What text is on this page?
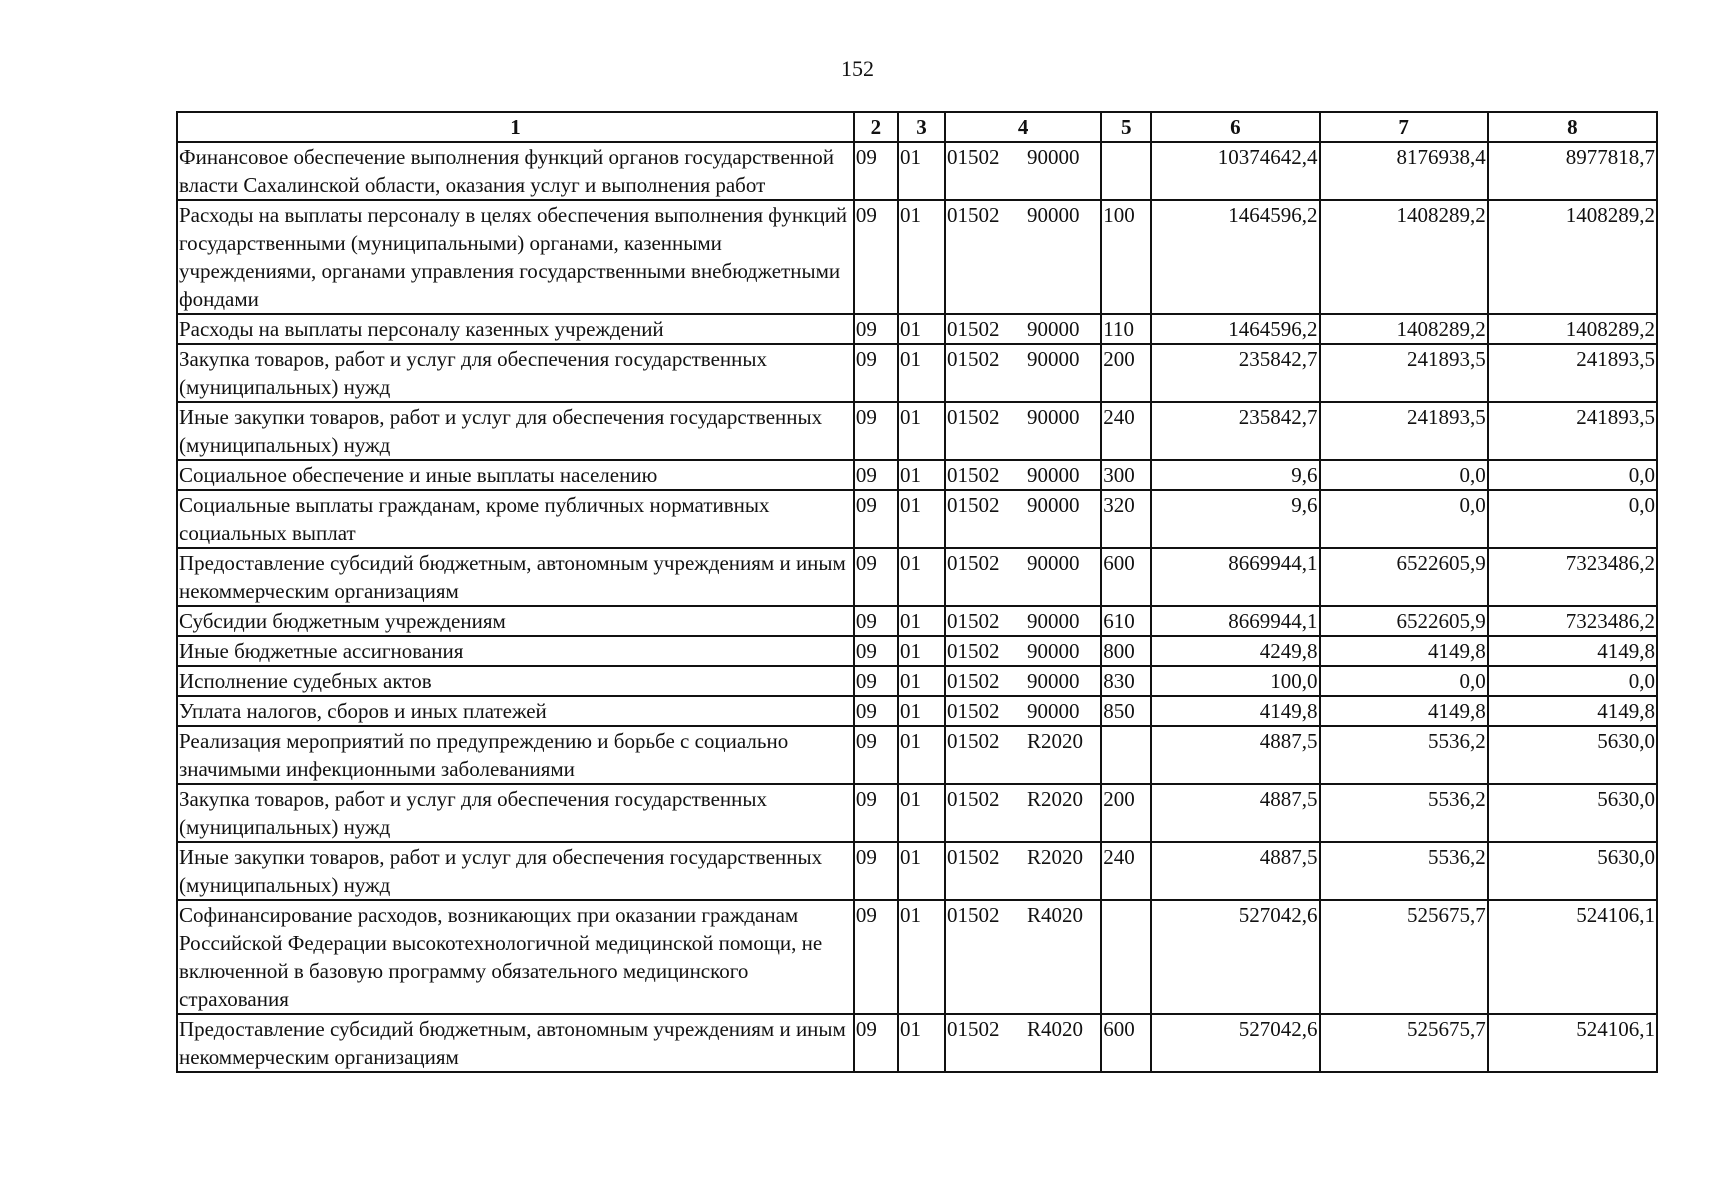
152
1	2	3	4	5	6	7	8
Финансовое обеспечение выполнения функций органов государственной власти Сахалинской области, оказания услуг и выполнения работ	09	01	01502 90000		10374642,4	8176938,4	8977818,7
Расходы на выплаты персоналу в целях обеспечения выполнения функций государственными (муниципальными) органами, казенными учреждениями, органами управления государственными внебюджетными фондами	09	01	01502 90000	100	1464596,2	1408289,2	1408289,2
Расходы на выплаты персоналу казенных учреждений	09	01	01502 90000	110	1464596,2	1408289,2	1408289,2
Закупка товаров, работ и услуг для обеспечения государственных (муниципальных) нужд	09	01	01502 90000	200	235842,7	241893,5	241893,5
Иные закупки товаров, работ и услуг для обеспечения государственных (муниципальных) нужд	09	01	01502 90000	240	235842,7	241893,5	241893,5
Социальное обеспечение и иные выплаты населению	09	01	01502 90000	300	9,6	0,0	0,0
Социальные выплаты гражданам, кроме публичных нормативных социальных выплат	09	01	01502 90000	320	9,6	0,0	0,0
Предоставление субсидий бюджетным, автономным учреждениям и иным некоммерческим организациям	09	01	01502 90000	600	8669944,1	6522605,9	7323486,2
Субсидии бюджетным учреждениям	09	01	01502 90000	610	8669944,1	6522605,9	7323486,2
Иные бюджетные ассигнования	09	01	01502 90000	800	4249,8	4149,8	4149,8
Исполнение судебных актов	09	01	01502 90000	830	100,0	0,0	0,0
Уплата налогов, сборов и иных платежей	09	01	01502 90000	850	4149,8	4149,8	4149,8
Реализация мероприятий по предупреждению и борьбе с социально значимыми инфекционными заболеваниями	09	01	01502 R2020		4887,5	5536,2	5630,0
Закупка товаров, работ и услуг для обеспечения государственных (муниципальных) нужд	09	01	01502 R2020	200	4887,5	5536,2	5630,0
Иные закупки товаров, работ и услуг для обеспечения государственных (муниципальных) нужд	09	01	01502 R2020	240	4887,5	5536,2	5630,0
Софинансирование расходов, возникающих при оказании гражданам Российской Федерации высокотехнологичной медицинской помощи, не включенной в базовую программу обязательного медицинского страхования	09	01	01502 R4020		527042,6	525675,7	524106,1
Предоставление субсидий бюджетным, автономным учреждениям и иным некоммерческим организациям	09	01	01502 R4020	600	527042,6	525675,7	524106,1
